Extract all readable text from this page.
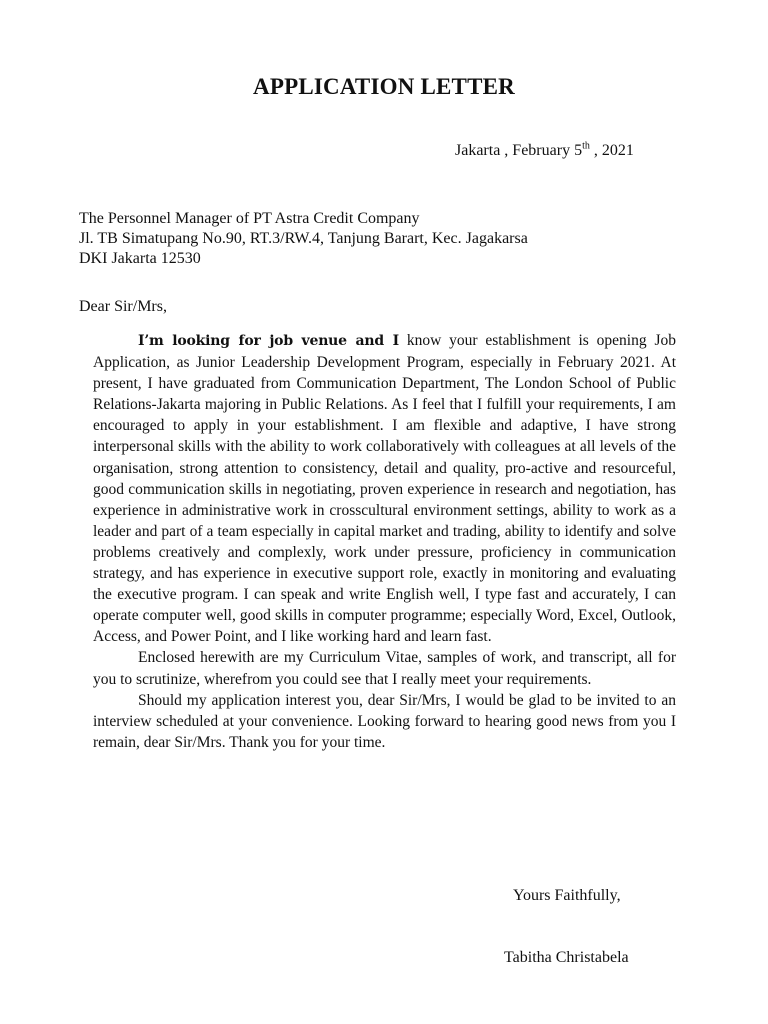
APPLICATION LETTER
Jakarta , February 5th , 2021
The Personnel Manager of PT Astra Credit Company
Jl. TB Simatupang No.90, RT.3/RW.4, Tanjung Barart, Kec. Jagakarsa
DKI Jakarta 12530
Dear Sir/Mrs,

I’m looking for job venue and I know your establishment is opening Job Application, as Junior Leadership Development Program, especially in February 2021. At present, I have graduated from Communication Department, The London School of Public Relations-Jakarta majoring in Public Relations. As I feel that I fulfill your requirements, I am encouraged to apply in your establishment. I am flexible and adaptive, I have strong interpersonal skills with the ability to work collaboratively with colleagues at all levels of the organisation, strong attention to consistency, detail and quality, pro-active and resourceful, good communication skills in negotiating, proven experience in research and negotiation, has experience in administrative work in crosscultural environment settings, ability to work as a leader and part of a team especially in capital market and trading, ability to identify and solve problems creatively and complexly, work under pressure, proficiency in communication strategy, and has experience in executive support role, exactly in monitoring and evaluating the executive program. I can speak and write English well, I type fast and accurately, I can operate computer well, good skills in computer programme; especially Word, Excel, Outlook, Access, and Power Point, and I like working hard and learn fast.

Enclosed herewith are my Curriculum Vitae, samples of work, and transcript, all for you to scrutinize, wherefrom you could see that I really meet your requirements.

Should my application interest you, dear Sir/Mrs, I would be glad to be invited to an interview scheduled at your convenience. Looking forward to hearing good news from you I remain, dear Sir/Mrs. Thank you for your time.

Yours Faithfully,
Tabitha Christabela
